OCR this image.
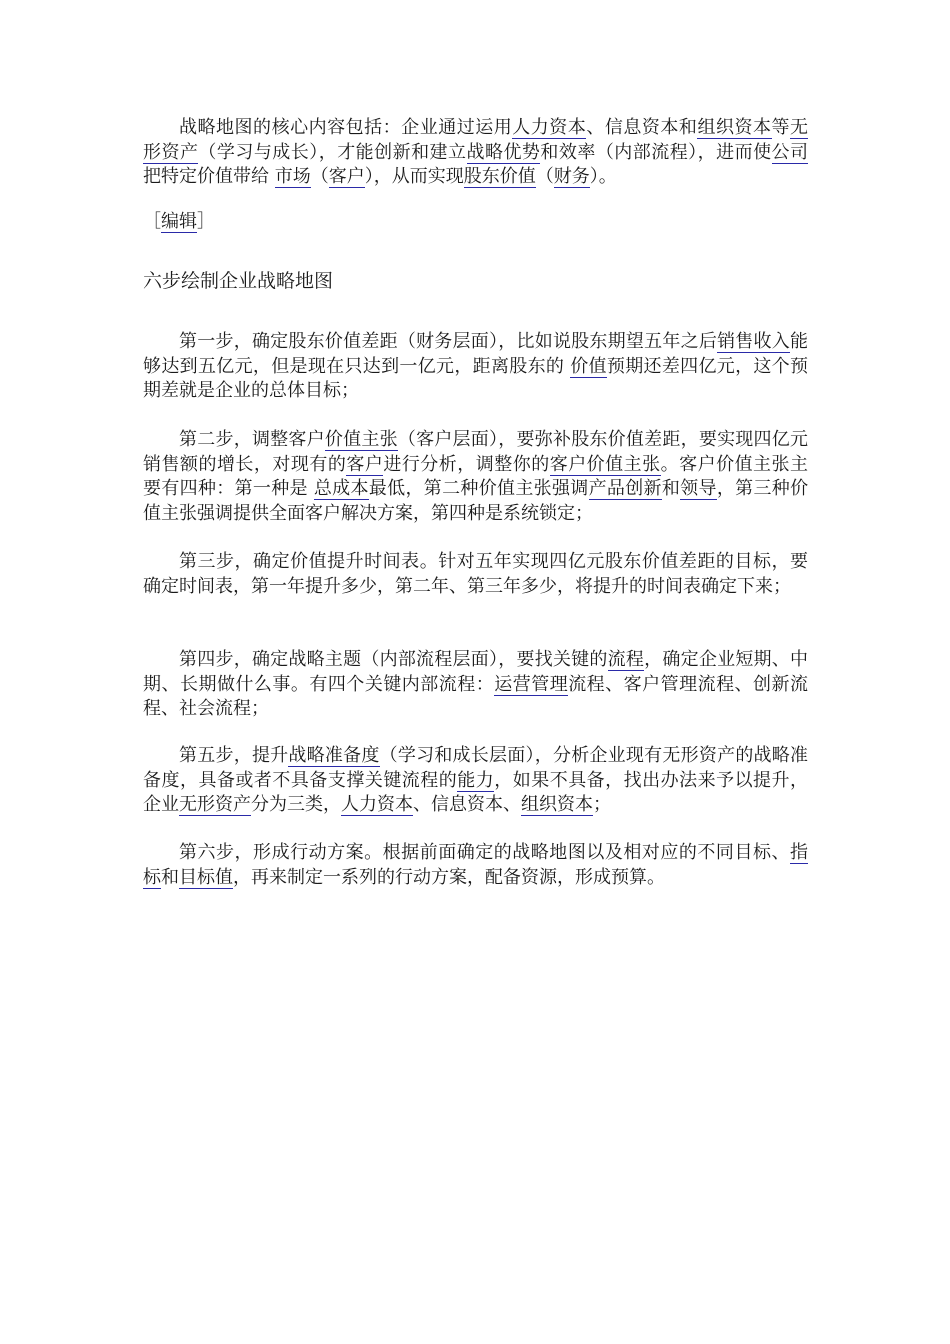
战略地图的核心内容包括：企业通过运用人力资本、信息资本和组织资本等无形资产（学习与成长），才能创新和建立战略优势和效率（内部流程），进而使公司把特定价值带给 市场（客户），从而实现股东价值（财务）。

［编辑］
六步绘制企业战略地图

第一步，确定股东价值差距（财务层面），比如说股东期望五年之后销售收入能够达到五亿元，但是现在只达到一亿元，距离股东的 价值预期还差四亿元，这个预期差就是企业的总体目标；

第二步，调整客户价值主张（客户层面），要弥补股东价值差距，要实现四亿元销售额的增长，对现有的客户进行分析，调整你的客户价值主张。客户价值主张主要有四种：第一种是 总成本最低，第二种价值主张强调产品创新和领导，第三种价值主张强调提供全面客户解决方案，第四种是系统锁定；

第三步，确定价值提升时间表。针对五年实现四亿元股东价值差距的目标，要确定时间表，第一年提升多少，第二年、第三年多少，将提升的时间表确定下来；

第四步，确定战略主题（内部流程层面），要找关键的流程，确定企业短期、中期、长期做什么事。有四个关键内部流程：运营管理流程、客户管理流程、创新流程、社会流程；

第五步，提升战略准备度（学习和成长层面），分析企业现有无形资产的战略准备度，具备或者不具备支撑关键流程的能力，如果不具备，找出办法来予以提升，企业无形资产分为三类，人力资本、信息资本、组织资本；

第六步，形成行动方案。根据前面确定的战略地图以及相对应的不同目标、指标和目标值，再来制定一系列的行动方案，配备资源，形成预算。
